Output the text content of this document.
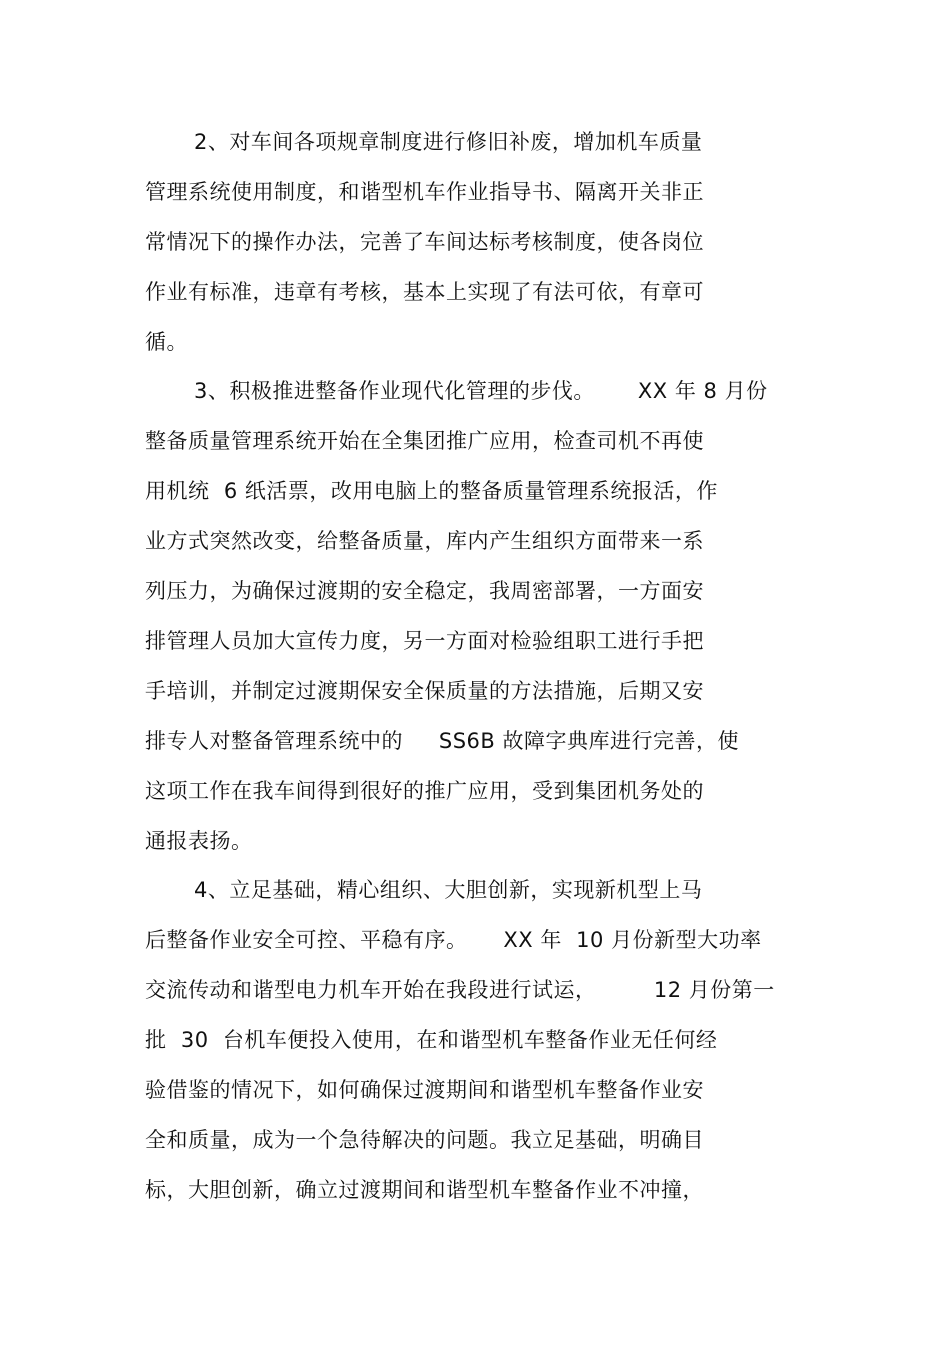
2、对车间各项规章制度进行修旧补废，增加机车质量
管理系统使用制度，和谐型机车作业指导书、隔离开关非正
常情况下的操作办法，完善了车间达标考核制度，使各岗位
作业有标准，违章有考核，基本上实现了有法可依，有章可
循。
3、积极推进整备作业现代化管理的步伐。      XX 年 8 月份
整备质量管理系统开始在全集团推广应用，检查司机不再使
用机统  6 纸活票，改用电脑上的整备质量管理系统报活，作
业方式突然改变，给整备质量，库内产生组织方面带来一系
列压力，为确保过渡期的安全稳定，我周密部署，一方面安
排管理人员加大宣传力度，另一方面对检验组职工进行手把
手培训，并制定过渡期保安全保质量的方法措施，后期又安
排专人对整备管理系统中的     SS6B 故障字典库进行完善，使
这项工作在我车间得到很好的推广应用，受到集团机务处的
通报表扬。
4、立足基础，精心组织、大胆创新，实现新机型上马
后整备作业安全可控、平稳有序。     XX 年  10 月份新型大功率
交流传动和谐型电力机车开始在我段进行试运，        12 月份第一
批  30  台机车便投入使用，在和谐型机车整备作业无任何经
验借鉴的情况下，如何确保过渡期间和谐型机车整备作业安
全和质量，成为一个急待解决的问题。我立足基础，明确目
标，大胆创新，确立过渡期间和谐型机车整备作业不冲撞，
